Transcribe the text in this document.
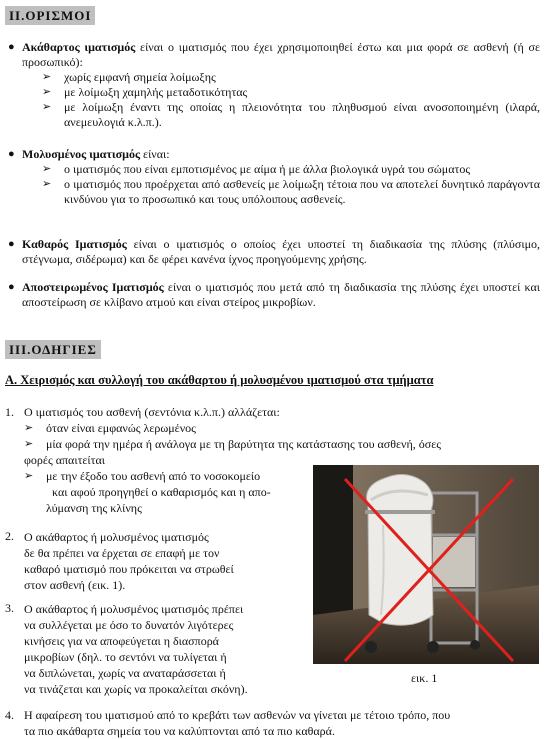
II.ΟΡΙΣΜΟΙ
● Ακάθαρτος ιματισμός είναι ο ιματισμός που έχει χρησιμοποιηθεί έστω και μια φορά σε ασθενή (ή σε προσωπικό):
➢ χωρίς εμφανή σημεία λοίμωξης
➢ με λοίμωξη χαμηλής μεταδοτικότητας
➢ με λοίμωξη έναντι της οποίας η πλειονότητα του πληθυσμού είναι ανοσοποιημένη (ιλαρά, ανεμευλογιά κ.λ.π.).
● Μολυσμένος ιματισμός είναι:
➢ ο ιματισμός που είναι εμποτισμένος με αίμα ή με άλλα βιολογικά υγρά του σώματος
➢ ο ιματισμός που προέρχεται από ασθενείς με λοίμωξη τέτοια που να αποτελεί δυνητικό παράγοντα κινδύνου για το προσωπικό και τους υπόλοιπους ασθενείς.
● Καθαρός Ιματισμός είναι ο ιματισμός ο οποίος έχει υποστεί τη διαδικασία της πλύσης (πλύσιμο, στέγνωμα, σιδέρωμα) και δε φέρει κανένα ίχνος προηγούμενης χρήσης.
● Αποστειρωμένος Ιματισμός είναι ο ιματισμός που μετά από τη διαδικασία της πλύσης έχει υποστεί και αποστείρωση σε κλίβανο ατμού και είναι στείρος μικροβίων.
ΙΙΙ.ΟΔΗΓΙΕΣ
Α. Χειρισμός και συλλογή του ακάθαρτου ή μολυσμένου ιματισμού στα τμήματα
1. Ο ιματισμός του ασθενή (σεντόνια κ.λ.π.) αλλάζεται:
➢ όταν είναι εμφανώς λερωμένος
➢ μία φορά την ημέρα ή ανάλογα με τη βαρύτητα της κατάστασης του ασθενή, όσες
φορές απαιτείται
➢ με την έξοδο του ασθενή από το νοσοκομείο
και αφού προηγηθεί ο καθαρισμός και η απο-
λύμανση της κλίνης
2. Ο ακάθαρτος ή μολυσμένος ιματισμός
δε θα πρέπει να έρχεται σε επαφή με τον
καθαρό ιματισμό που πρόκειται να στρωθεί
στον ασθενή (εικ. 1).
3. Ο ακάθαρτος ή μολυσμένος ιματισμός πρέπει
να συλλέγεται με όσο το δυνατόν λιγότερες
κινήσεις για να αποφεύγεται η διασπορά
μικροβίων (δηλ. το σεντόνι να τυλίγεται ή
να διπλώνεται, χωρίς να αναταράσσεται ή
να τινάζεται και χωρίς να προκαλείται σκόνη).
εικ. 1
4. Η αφαίρεση του ιματισμού από το κρεβάτι των ασθενών να γίνεται με τέτοιο τρόπο, που
τα πιο ακάθαρτα σημεία του να καλύπτονται από τα πιο καθαρά.
